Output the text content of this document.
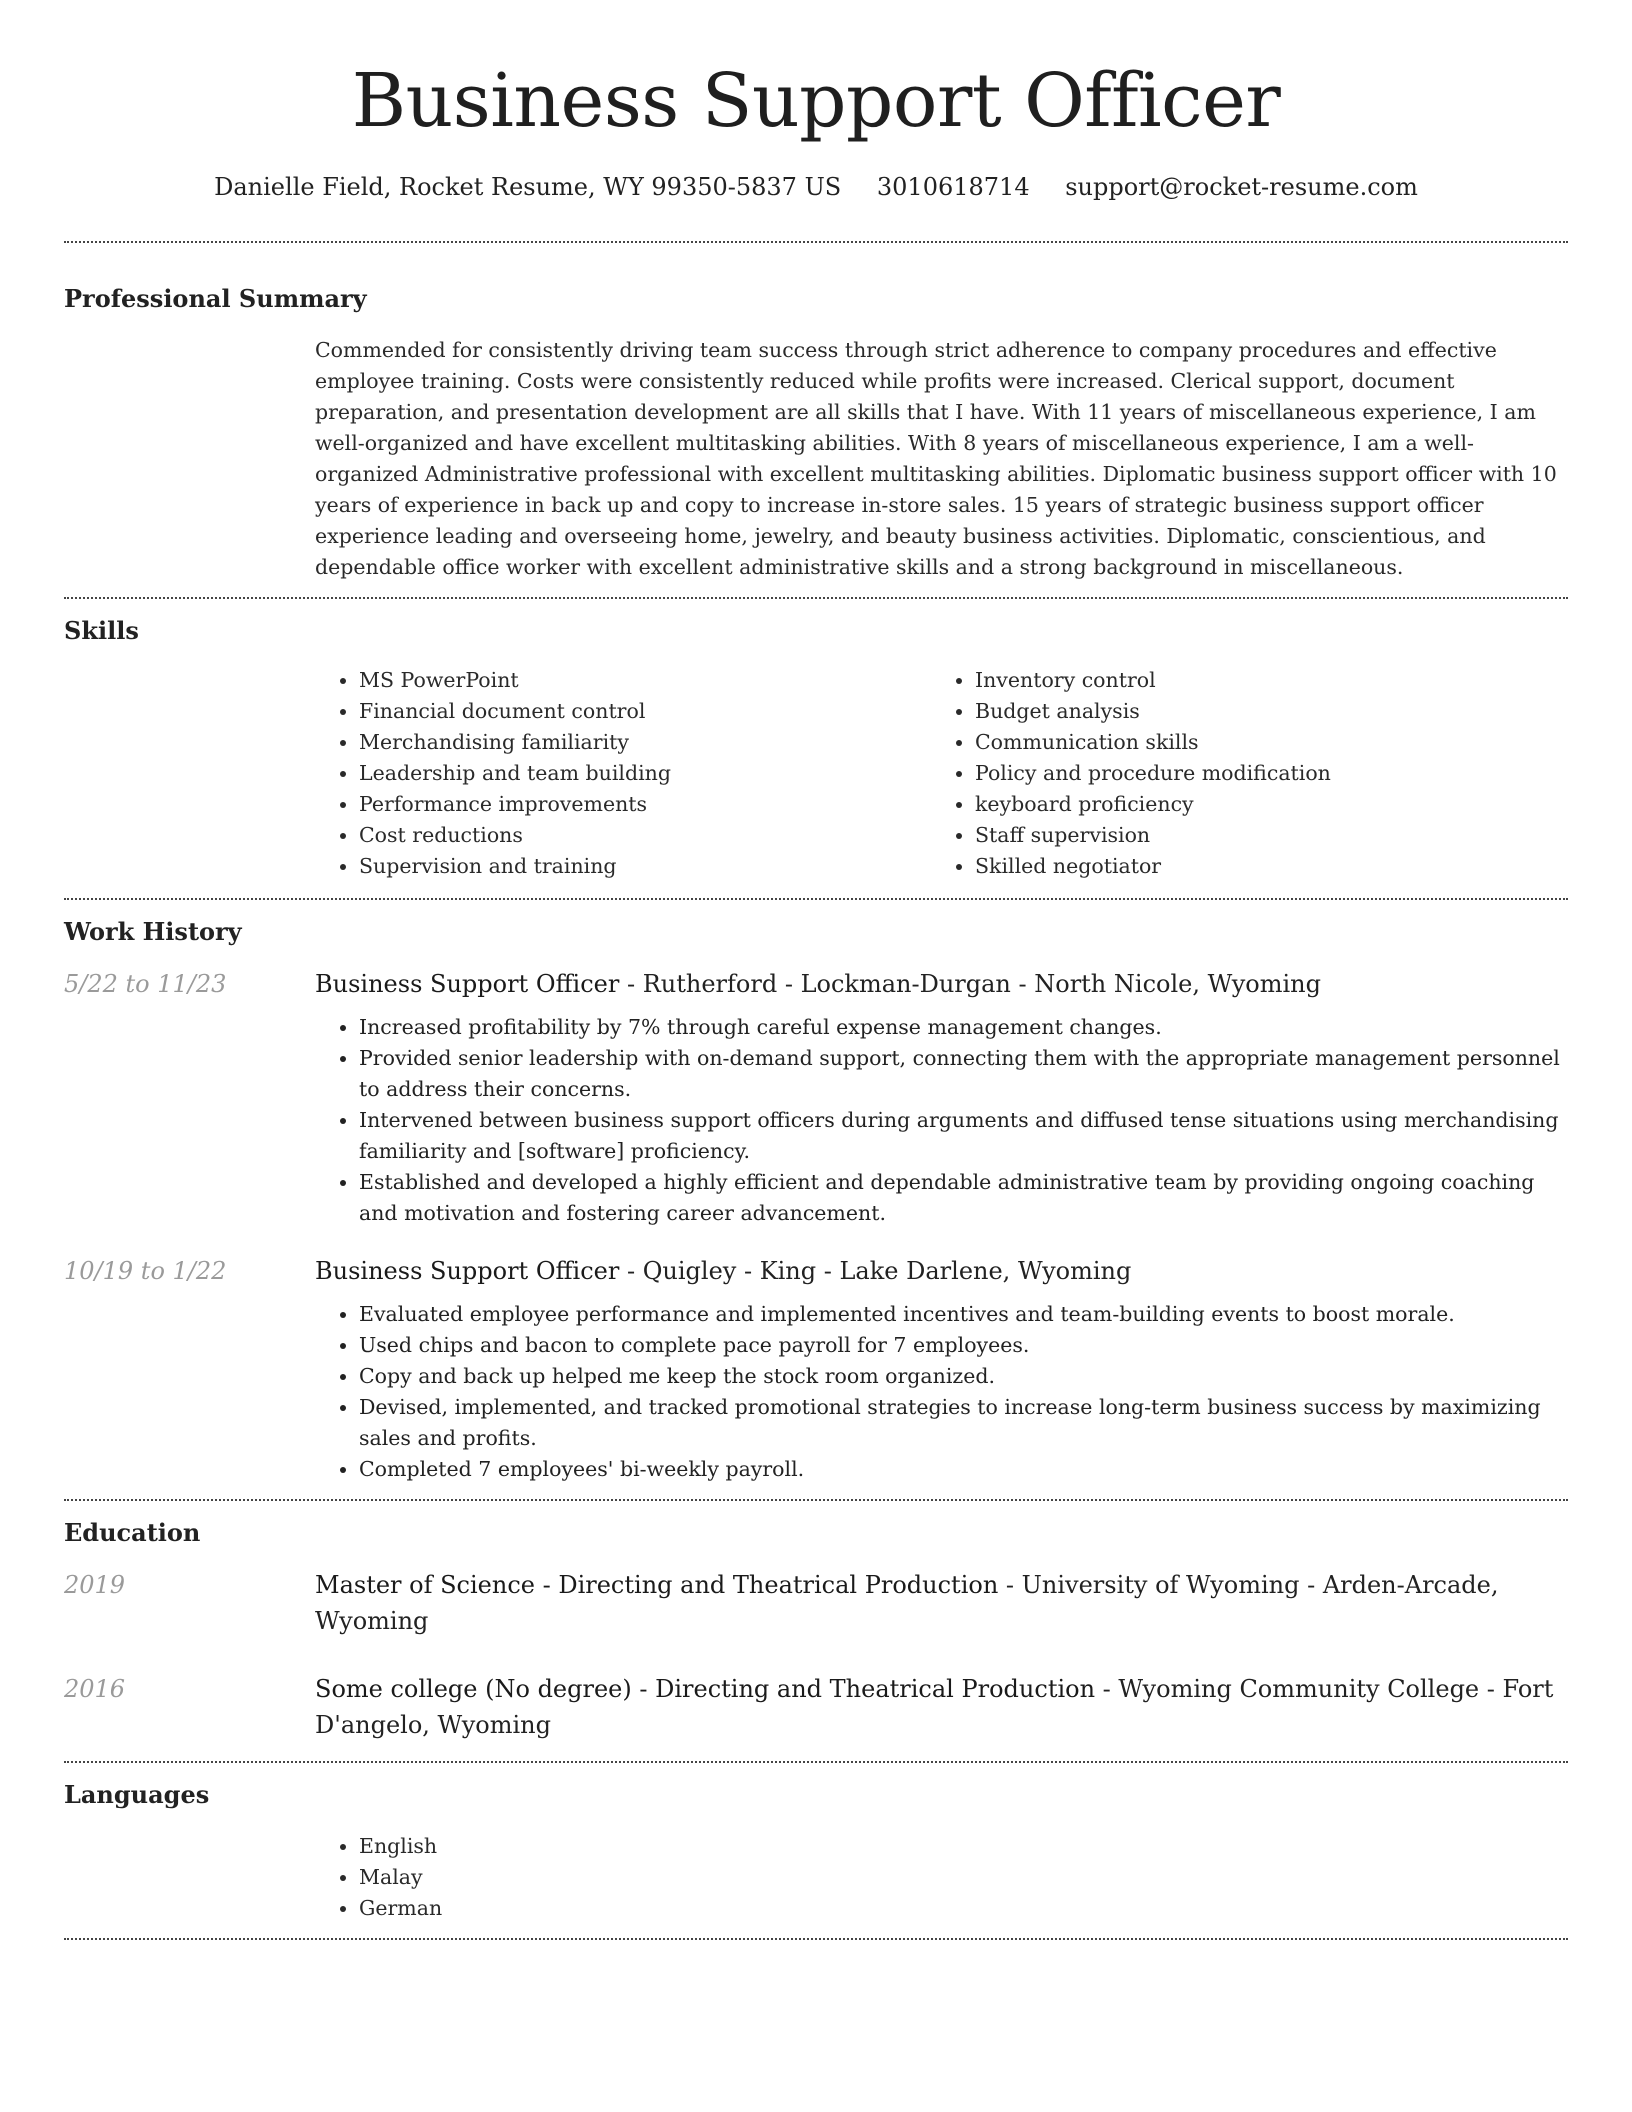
Business Support Officer
Danielle Field, Rocket Resume, WY 99350-5837 US 3010618714 support@rocket-resume.com
Professional Summary

Commended for consistently driving team success through strict adherence to company procedures and effective employee training. Costs were consistently reduced while profits were increased. Clerical support, document preparation, and presentation development are all skills that I have. With 11 years of miscellaneous experience, I am well-organized and have excellent multitasking abilities. With 8 years of miscellaneous experience, I am a well-organized Administrative professional with excellent multitasking abilities. Diplomatic business support officer with 10 years of experience in back up and copy to increase in-store sales. 15 years of strategic business support officer experience leading and overseeing home, jewelry, and beauty business activities. Diplomatic, conscientious, and dependable office worker with excellent administrative skills and a strong background in miscellaneous.

Skills
• MS PowerPoint
• Financial document control
• Merchandising familiarity
• Leadership and team building
• Performance improvements
• Cost reductions
• Supervision and training
• Inventory control
• Budget analysis
• Communication skills
• Policy and procedure modification
• keyboard proficiency
• Staff supervision
• Skilled negotiator
Work History
5/22 to 11/23	Business Support Officer - Rutherford - Lockman-Durgan - North Nicole, Wyoming
• Increased profitability by 7% through careful expense management changes.
• Provided senior leadership with on-demand support, connecting them with the appropriate management personnel to address their concerns.
• Intervened between business support officers during arguments and diffused tense situations using merchandising familiarity and [software] proficiency.
• Established and developed a highly efficient and dependable administrative team by providing ongoing coaching and motivation and fostering career advancement.
10/19 to 1/22	Business Support Officer - Quigley - King - Lake Darlene, Wyoming
• Evaluated employee performance and implemented incentives and team-building events to boost morale.
• Used chips and bacon to complete pace payroll for 7 employees.
• Copy and back up helped me keep the stock room organized.
• Devised, implemented, and tracked promotional strategies to increase long-term business success by maximizing sales and profits.
• Completed 7 employees' bi-weekly payroll.
Education
2019	Master of Science - Directing and Theatrical Production - University of Wyoming - Arden-Arcade, Wyoming
2016	Some college (No degree) - Directing and Theatrical Production - Wyoming Community College - Fort D'angelo, Wyoming
Languages
• English
• Malay
• German
